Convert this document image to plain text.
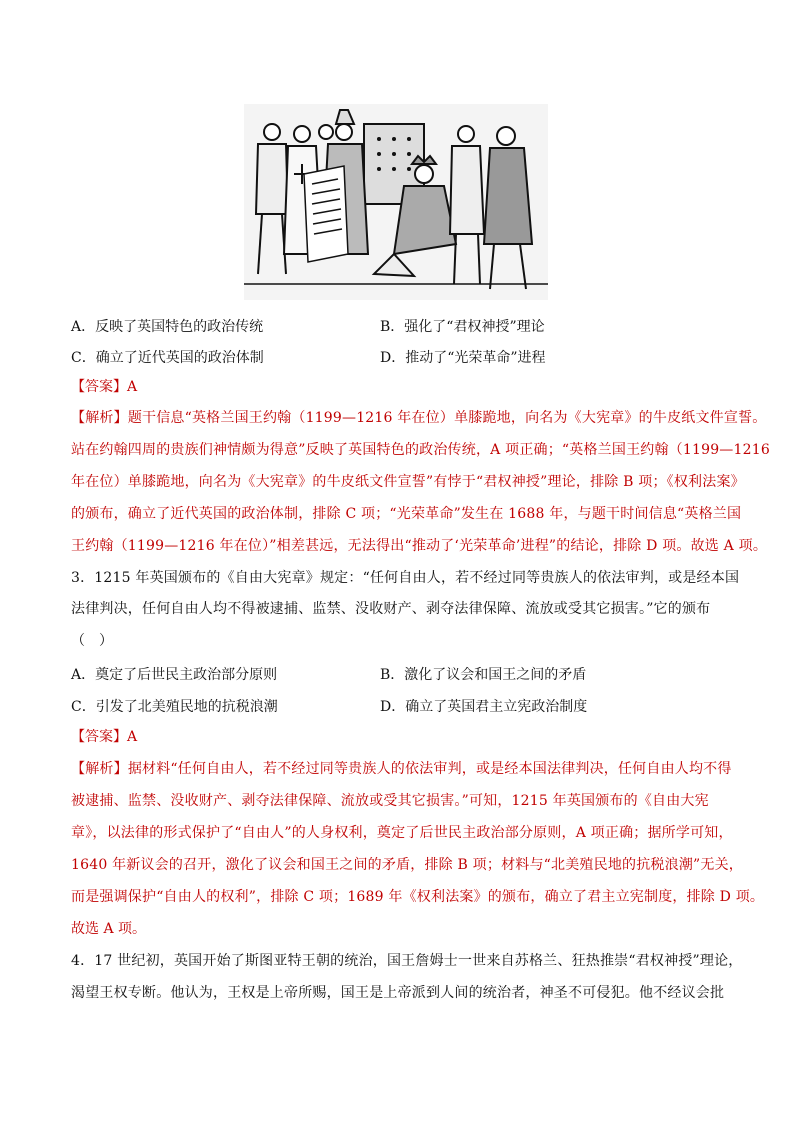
A．反映了英国特色的政治传统	B．强化了“君权神授”理论
C．确立了近代英国的政治体制	D．推动了“光荣革命”进程
【答案】A
【解析】题干信息“英格兰国王约翰（1199—1216 年在位）单膝跪地，向名为《大宪章》的牛皮纸文件宣誓。
站在约翰四周的贵族们神情颇为得意”反映了英国特色的政治传统，A 项正确；“英格兰国王约翰（1199—1216
年在位）单膝跪地，向名为《大宪章》的牛皮纸文件宣誓”有悖于“君权神授”理论，排除 B 项；《权利法案》
的颁布，确立了近代英国的政治体制，排除 C 项；“光荣革命”发生在 1688 年，与题干时间信息“英格兰国
王约翰（1199—1216 年在位）”相差甚远，无法得出“推动了‘光荣革命’进程”的结论，排除 D 项。故选 A 项。
3．1215 年英国颁布的《自由大宪章》规定：“任何自由人，若不经过同等贵族人的依法审判，或是经本国
法律判决，任何自由人均不得被逮捕、监禁、没收财产、剥夺法律保障、流放或受其它损害。”它的颁布
（　）
A．奠定了后世民主政治部分原则	B．激化了议会和国王之间的矛盾
C．引发了北美殖民地的抗税浪潮	D．确立了英国君主立宪政治制度
【答案】A
【解析】据材料“任何自由人，若不经过同等贵族人的依法审判，或是经本国法律判决，任何自由人均不得
被逮捕、监禁、没收财产、剥夺法律保障、流放或受其它损害。”可知，1215 年英国颁布的《自由大宪
章》，以法律的形式保护了“自由人”的人身权利，奠定了后世民主政治部分原则，A 项正确；据所学可知，
1640 年新议会的召开，激化了议会和国王之间的矛盾，排除 B 项；材料与“北美殖民地的抗税浪潮”无关，
而是强调保护“自由人的权利”，排除 C 项；1689 年《权利法案》的颁布，确立了君主立宪制度，排除 D 项。
故选 A 项。
4．17 世纪初，英国开始了斯图亚特王朝的统治，国王詹姆士一世来自苏格兰、狂热推崇“君权神授”理论，
渴望王权专断。他认为，王权是上帝所赐，国王是上帝派到人间的统治者，神圣不可侵犯。他不经议会批
